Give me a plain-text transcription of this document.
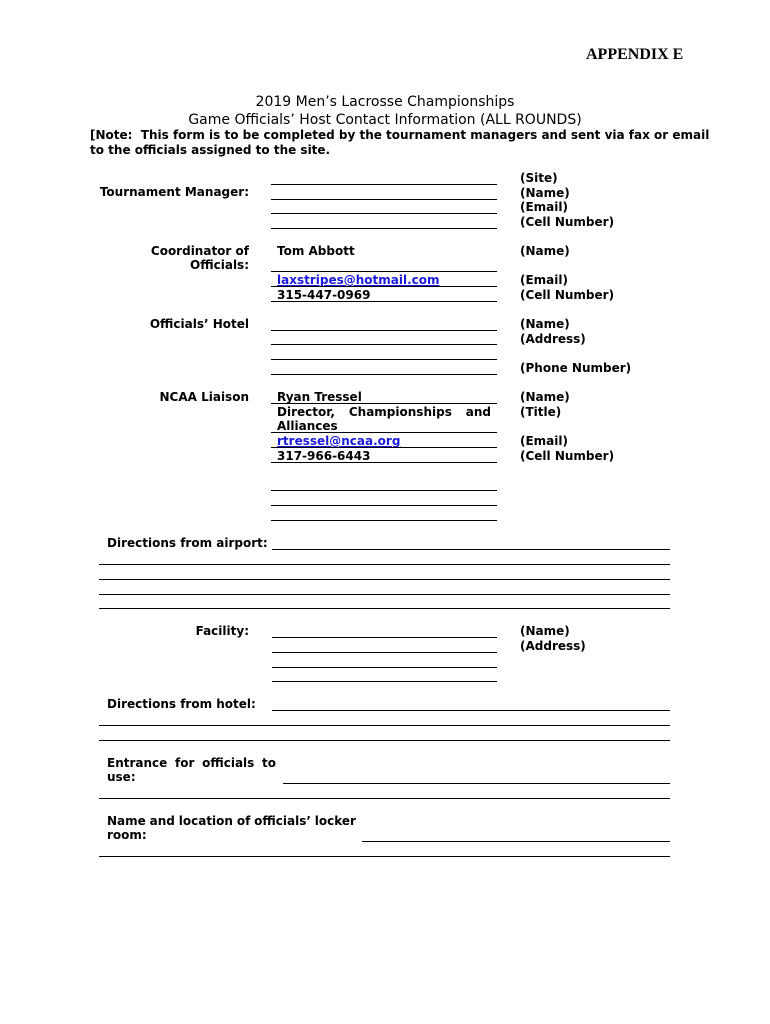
APPENDIX E
2019 Men’s Lacrosse Championships
Game Officials’ Host Contact Information (ALL ROUNDS)
[Note:  This form is to be completed by the tournament managers and sent via fax or email
to the officials assigned to the site.
Tournament Manager:
(Site)
(Name)
(Email)
(Cell Number)
Coordinator of
Officials:
Tom Abbott
laxstripes@hotmail.com
315-447-0969
(Name)
(Email)
(Cell Number)
Officials’ Hotel	(Name)
(Address)
(Phone Number)
NCAA Liaison Ryan Tressel
Director, Championships and
Alliances
rtressel@ncaa.org
317-966-6443
(Name)
(Title)
(Email)
(Cell Number)
Directions from airport:
Facility:	(Name)
(Address)
Directions from hotel:
Entrance for officials to
use:
Name and location of officials’ locker
room:
